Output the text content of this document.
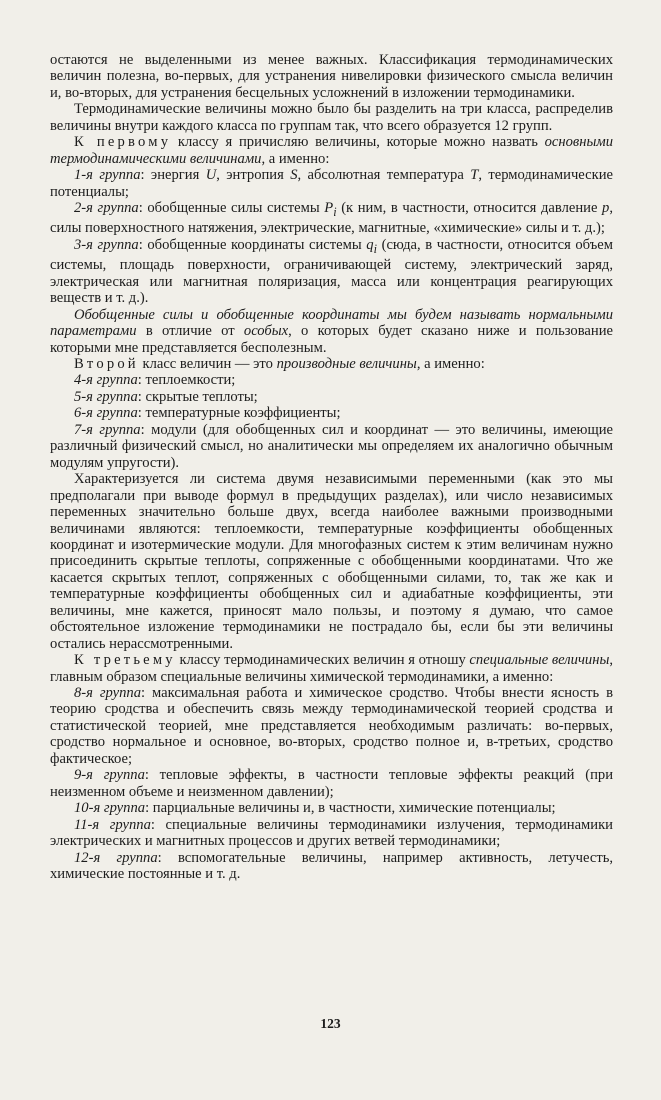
остаются не выделенными из менее важных. Классификация термодинамических величин полезна, во-первых, для устранения нивелировки физического смысла величин и, во-вторых, для устранения бесцельных усложнений в изложении термодинамики.

Термодинамические величины можно было бы разделить на три класса, распределив величины внутри каждого класса по группам так, что всего образуется 12 групп.

К первому классу я причисляю величины, которые можно назвать основными термодинамическими величинами, а именно:

1-я группа: энергия U, энтропия S, абсолютная температура T, термодинамические потенциалы;

2-я группа: обобщенные силы системы $P_i$ (к ним, в частности, относится давление p, силы поверхностного натяжения, электрические, магнитные, «химические» силы и т. д.);

3-я группа: обобщенные координаты системы $q_i$ (сюда, в частности, относится объем системы, площадь поверхности, ограничивающей систему, электрический заряд, электрическая или магнитная поляризация, масса или концентрация реагирующих веществ и т. д.).

Обобщенные силы и обобщенные координаты мы будем называть нормальными параметрами в отличие от особых, о которых будет сказано ниже и пользование которыми мне представляется бесполезным.

Второй класс величин — это производные величины, а именно:

4-я группа: теплоемкости;

5-я группа: скрытые теплоты;

6-я группа: температурные коэффициенты;

7-я группа: модули (для обобщенных сил и координат — это величины, имеющие различный физический смысл, но аналитически мы определяем их аналогично обычным модулям упругости).

Характеризуется ли система двумя независимыми переменными (как это мы предполагали при выводе формул в предыдущих разделах), или число независимых переменных значительно больше двух, всегда наиболее важными производными величинами являются: теплоемкости, температурные коэффициенты обобщенных координат и изотермические модули. Для многофазных систем к этим величинам нужно присоединить скрытые теплоты, сопряженные с обобщенными координатами. Что же касается скрытых теплот, сопряженных с обобщенными силами, то, так же как и температурные коэффициенты обобщенных сил и адиабатные коэффициенты, эти величины, мне кажется, приносят мало пользы, и поэтому я думаю, что самое обстоятельное изложение термодинамики не пострадало бы, если бы эти величины остались нерассмотренными.

К третьему классу термодинамических величин я отношу специальные величины, главным образом специальные величины химической термодинамики, а именно:

8-я группа: максимальная работа и химическое сродство. Чтобы внести ясность в теорию сродства и обеспечить связь между термодинамической теорией сродства и статистической теорией, мне представляется необходимым различать: во-первых, сродство нормальное и основное, во-вторых, сродство полное и, в-третьих, сродство фактическое;

9-я группа: тепловые эффекты, в частности тепловые эффекты реакций (при неизменном объеме и неизменном давлении);

10-я группа: парциальные величины и, в частности, химические потенциалы;

11-я группа: специальные величины термодинамики излучения, термодинамики электрических и магнитных процессов и других ветвей термодинамики;

12-я группа: вспомогательные величины, например активность, летучесть, химические постоянные и т. д.

123
